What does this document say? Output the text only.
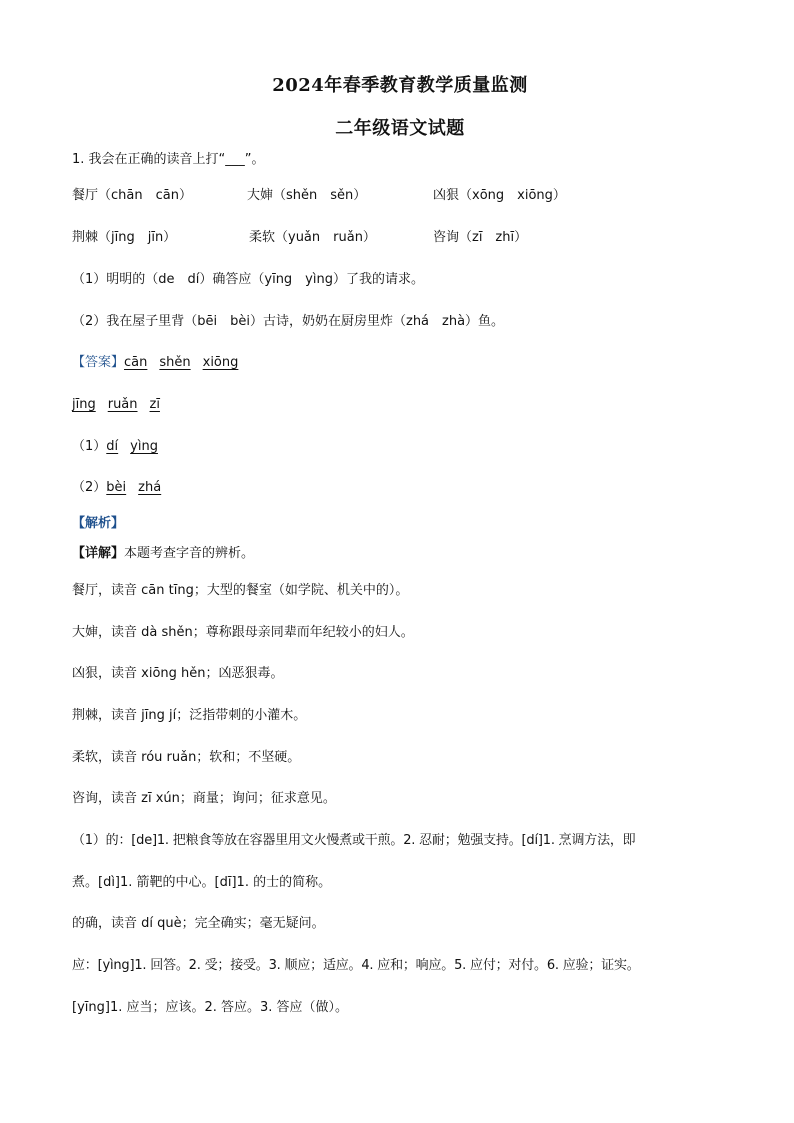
2024年春季教育教学质量监测
二年级语文试题
1. 我会在正确的读音上打“___”。
餐厅（chān　cān）	大婶（shěn　sěn）	凶狠（xōng　xiōng）
荆棘（jīng　jīn）	柔软（yuǎn　ruǎn）	咨询（zī　zhī）
（1）明明的（de　dí）确答应（yīng　yìng）了我的请求。
（2）我在屋子里背（bēi　bèi）古诗，奶奶在厨房里炸（zhá　zhà）鱼。
【答案】cān shěn xiōng
jīng ruǎn zī
（1）dí yìng
（2）bèi zhá
【解析】
【详解】本题考查字音的辨析。
餐厅，读音 cān tīng；大型的餐室（如学院、机关中的）。
大婶，读音 dà shěn；尊称跟母亲同辈而年纪较小的妇人。
凶狠，读音 xiōng hěn；凶恶狠毒。
荆棘，读音 jīng jí；泛指带刺的小灌木。
柔软，读音 róu ruǎn；软和；不坚硬。
咨询，读音 zī xún；商量；询问；征求意见。
（1）的：[de]1. 把粮食等放在容器里用文火慢煮或干煎。2. 忍耐；勉强支持。[dí]1. 烹调方法，即
煮。[dì]1. 箭靶的中心。[dī]1. 的士的简称。
的确，读音 dí què；完全确实；毫无疑问。
应：[yìng]1. 回答。2. 受；接受。3. 顺应；适应。4. 应和；响应。5. 应付；对付。6. 应验；证实。
[yīng]1. 应当；应该。2. 答应。3. 答应（做）。
